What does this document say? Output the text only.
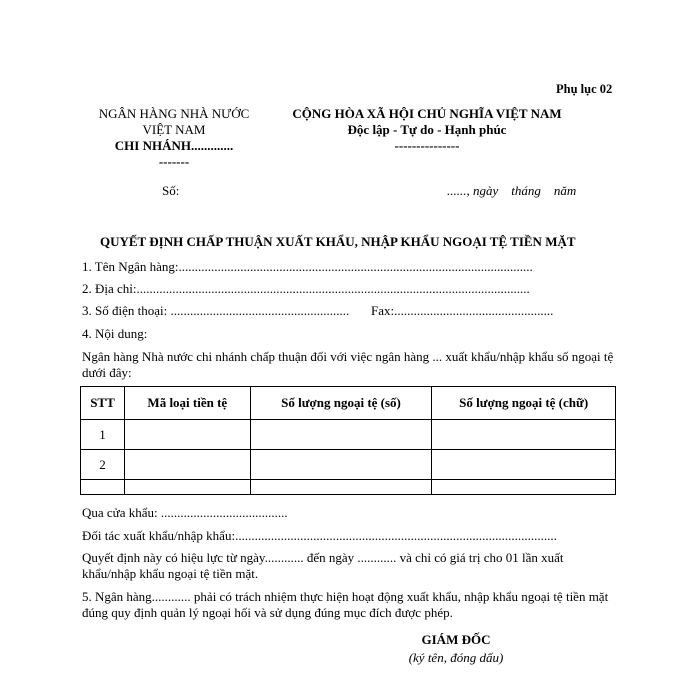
Phụ lục 02
NGÂN HÀNG NHÀ NƯỚC
VIỆT NAM
CHI NHÁNH.............
-------
CỘNG HÒA XÃ HỘI CHỦ NGHĨA VIỆT NAM
Độc lập - Tự do - Hạnh phúc
---------------
Số:	......, ngày    tháng    năm
QUYẾT ĐỊNH CHẤP THUẬN XUẤT KHẨU, NHẬP KHẨU NGOẠI TỆ TIỀN MẶT
1. Tên Ngân hàng:.............................................................................................................
2. Địa chỉ:.........................................................................................................................
3. Số điện thoại: ....................................................... Fax:.................................................
4. Nội dung:
Ngân hàng Nhà nước chi nhánh chấp thuận đối với việc ngân hàng ... xuất khẩu/nhập khẩu số ngoại tệ dưới đây:
STT	Mã loại tiền tệ	Số lượng ngoại tệ (số)	Số lượng ngoại tệ (chữ)
1			
2			

Qua cửa khẩu: .......................................
Đối tác xuất khẩu/nhập khẩu:...................................................................................................
Quyết định này có hiệu lực từ ngày............ đến ngày ............ và chỉ có giá trị cho 01 lần xuất khẩu/nhập khẩu ngoại tệ tiền mặt.
5. Ngân hàng............ phải có trách nhiệm thực hiện hoạt động xuất khẩu, nhập khẩu ngoại tệ tiền mặt đúng quy định quản lý ngoại hối và sử dụng đúng mục đích được phép.
GIÁM ĐỐC
(ký tên, đóng dấu)
